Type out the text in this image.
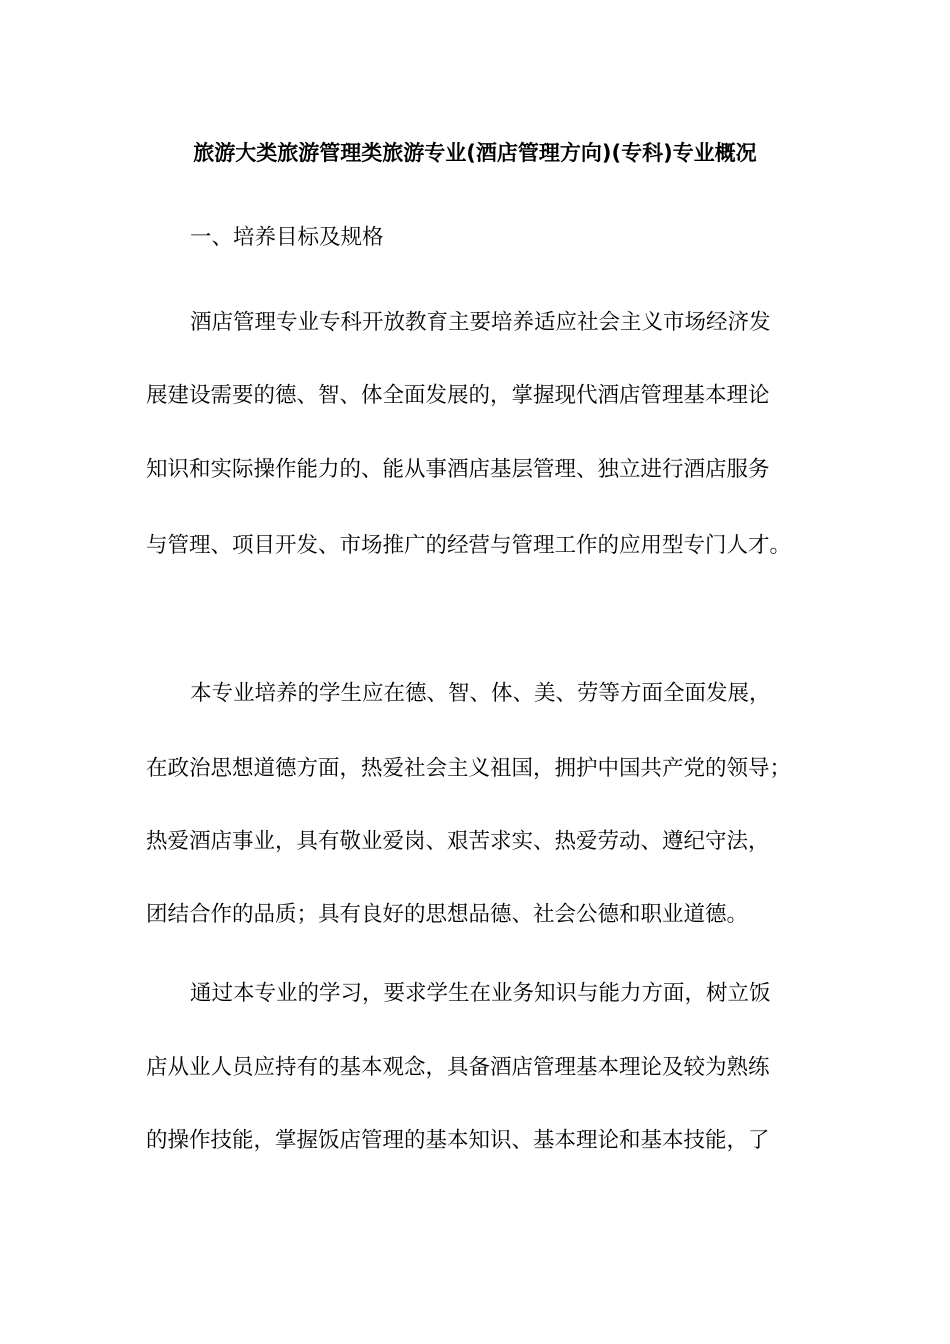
旅游大类旅游管理类旅游专业(酒店管理方向)(专科)专业概况
一、培养目标及规格
酒店管理专业专科开放教育主要培养适应社会主义市场经济发
展建设需要的德、智、体全面发展的，掌握现代酒店管理基本理论
知识和实际操作能力的、能从事酒店基层管理、独立进行酒店服务
与管理、项目开发、市场推广的经营与管理工作的应用型专门人才。
本专业培养的学生应在德、智、体、美、劳等方面全面发展，
在政治思想道德方面，热爱社会主义祖国，拥护中国共产党的领导；
热爱酒店事业，具有敬业爱岗、艰苦求实、热爱劳动、遵纪守法，
团结合作的品质；具有良好的思想品德、社会公德和职业道德。
通过本专业的学习，要求学生在业务知识与能力方面，树立饭
店从业人员应持有的基本观念，具备酒店管理基本理论及较为熟练
的操作技能，掌握饭店管理的基本知识、基本理论和基本技能，了
